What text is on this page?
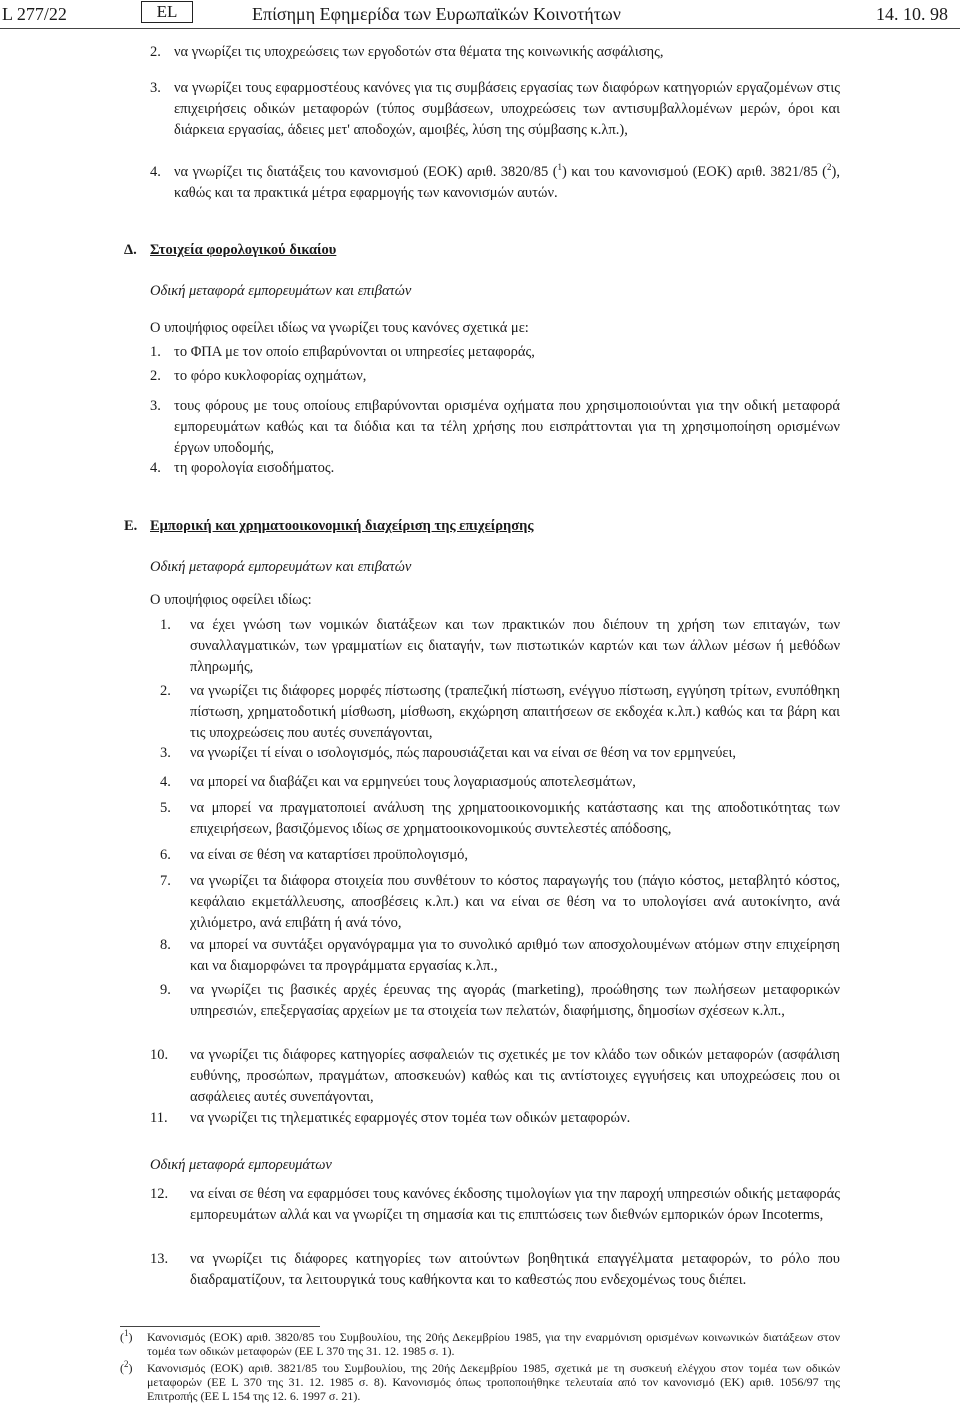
L 277/22	EL	Επίσημη Εφημερίδα των Ευρωπαϊκών Κοινοτήτων	14. 10. 98
2. να γνωρίζει τις υποχρεώσεις των εργοδοτών στα θέματα της κοινωνικής ασφάλισης,
3. να γνωρίζει τους εφαρμοστέους κανόνες για τις συμβάσεις εργασίας των διαφόρων κατηγοριών εργαζομένων στις επιχειρήσεις οδικών μεταφορών (τύπος συμβάσεων, υποχρεώσεις των αντισυμβαλλομένων μερών, όροι και διάρκεια εργασίας, άδειες μετ' αποδοχών, αμοιβές, λύση της σύμβασης κ.λπ.),
4. να γνωρίζει τις διατάξεις του κανονισμού (ΕΟΚ) αριθ. 3820/85 ($^1$) και του κανονισμού (ΕΟΚ) αριθ. 3821/85 ($^2$), καθώς και τα πρακτικά μέτρα εφαρμογής των κανονισμών αυτών.
Δ. Στοιχεία φορολογικού δικαίου
Οδική μεταφορά εμπορευμάτων και επιβατών
Ο υποψήφιος οφείλει ιδίως να γνωρίζει τους κανόνες σχετικά με:
1. το ΦΠΑ με τον οποίο επιβαρύνονται οι υπηρεσίες μεταφοράς,
2. το φόρο κυκλοφορίας οχημάτων,
3. τους φόρους με τους οποίους επιβαρύνονται ορισμένα οχήματα που χρησιμοποιούνται για την οδική μεταφορά εμπορευμάτων καθώς και τα διόδια και τα τέλη χρήσης που εισπράττονται για τη χρησιμοποίηση ορισμένων έργων υποδομής,
4. τη φορολογία εισοδήματος.
Ε. Εμπορική και χρηματοοικονομική διαχείριση της επιχείρησης
Οδική μεταφορά εμπορευμάτων και επιβατών
Ο υποψήφιος οφείλει ιδίως:
1. να έχει γνώση των νομικών διατάξεων και των πρακτικών που διέπουν τη χρήση των επιταγών, των συναλλαγματικών, των γραμματίων εις διαταγήν, των πιστωτικών καρτών και των άλλων μέσων ή μεθόδων πληρωμής,
2. να γνωρίζει τις διάφορες μορφές πίστωσης (τραπεζική πίστωση, ενέγγυο πίστωση, εγγύηση τρίτων, ενυπόθηκη πίστωση, χρηματοδοτική μίσθωση, μίσθωση, εκχώρηση απαιτήσεων σε εκδοχέα κ.λπ.) καθώς και τα βάρη και τις υποχρεώσεις που αυτές συνεπάγονται,
3. να γνωρίζει τί είναι ο ισολογισμός, πώς παρουσιάζεται και να είναι σε θέση να τον ερμηνεύει,
4. να μπορεί να διαβάζει και να ερμηνεύει τους λογαριασμούς αποτελεσμάτων,
5. να μπορεί να πραγματοποιεί ανάλυση της χρηματοοικονομικής κατάστασης και της αποδοτικότητας των επιχειρήσεων, βασιζόμενος ιδίως σε χρηματοοικονομικούς συντελεστές απόδοσης,
6. να είναι σε θέση να καταρτίσει προϋπολογισμό,
7. να γνωρίζει τα διάφορα στοιχεία που συνθέτουν το κόστος παραγωγής του (πάγιο κόστος, μεταβλητό κόστος, κεφάλαιο εκμετάλλευσης, αποσβέσεις κ.λπ.) και να είναι σε θέση να το υπολογίσει ανά αυτοκίνητο, ανά χιλιόμετρο, ανά επιβάτη ή ανά τόνο,
8. να μπορεί να συντάξει οργανόγραμμα για το συνολικό αριθμό των αποσχολουμένων ατόμων στην επιχείρηση και να διαμορφώνει τα προγράμματα εργασίας κ.λπ.,
9. να γνωρίζει τις βασικές αρχές έρευνας της αγοράς (marketing), προώθησης των πωλήσεων μεταφορικών υπηρεσιών, επεξεργασίας αρχείων με τα στοιχεία των πελατών, διαφήμισης, δημοσίων σχέσεων κ.λπ.,
10. να γνωρίζει τις διάφορες κατηγορίες ασφαλειών τις σχετικές με τον κλάδο των οδικών μεταφορών (ασφάλιση ευθύνης, προσώπων, πραγμάτων, αποσκευών) καθώς και τις αντίστοιχες εγγυήσεις και υποχρεώσεις που οι ασφάλειες αυτές συνεπάγονται,
11. να γνωρίζει τις τηλεματικές εφαρμογές στον τομέα των οδικών μεταφορών.
Οδική μεταφορά εμπορευμάτων
12. να είναι σε θέση να εφαρμόσει τους κανόνες έκδοσης τιμολογίων για την παροχή υπηρεσιών οδικής μεταφοράς εμπορευμάτων αλλά και να γνωρίζει τη σημασία και τις επιπτώσεις των διεθνών εμπορικών όρων Incoterms,
13. να γνωρίζει τις διάφορες κατηγορίες των αιτούντων βοηθητικά επαγγέλματα μεταφορών, το ρόλο που διαδραματίζουν, τα λειτουργικά τους καθήκοντα και το καθεστώς που ενδεχομένως τους διέπει.
($^1$) Κανονισμός (ΕΟΚ) αριθ. 3820/85 του Συμβουλίου, της 20ής Δεκεμβρίου 1985, για την εναρμόνιση ορισμένων κοινωνικών διατάξεων στον τομέα των οδικών μεταφορών (ΕΕ L 370 της 31. 12. 1985 σ. 1).
($^2$) Κανονισμός (ΕΟΚ) αριθ. 3821/85 του Συμβουλίου, της 20ής Δεκεμβρίου 1985, σχετικά με τη συσκευή ελέγχου στον τομέα των οδικών μεταφορών (ΕΕ L 370 της 31. 12. 1985 σ. 8). Κανονισμός όπως τροποποιήθηκε τελευταία από τον κανονισμό (ΕΚ) αριθ. 1056/97 της Επιτροπής (ΕΕ L 154 της 12. 6. 1997 σ. 21).
